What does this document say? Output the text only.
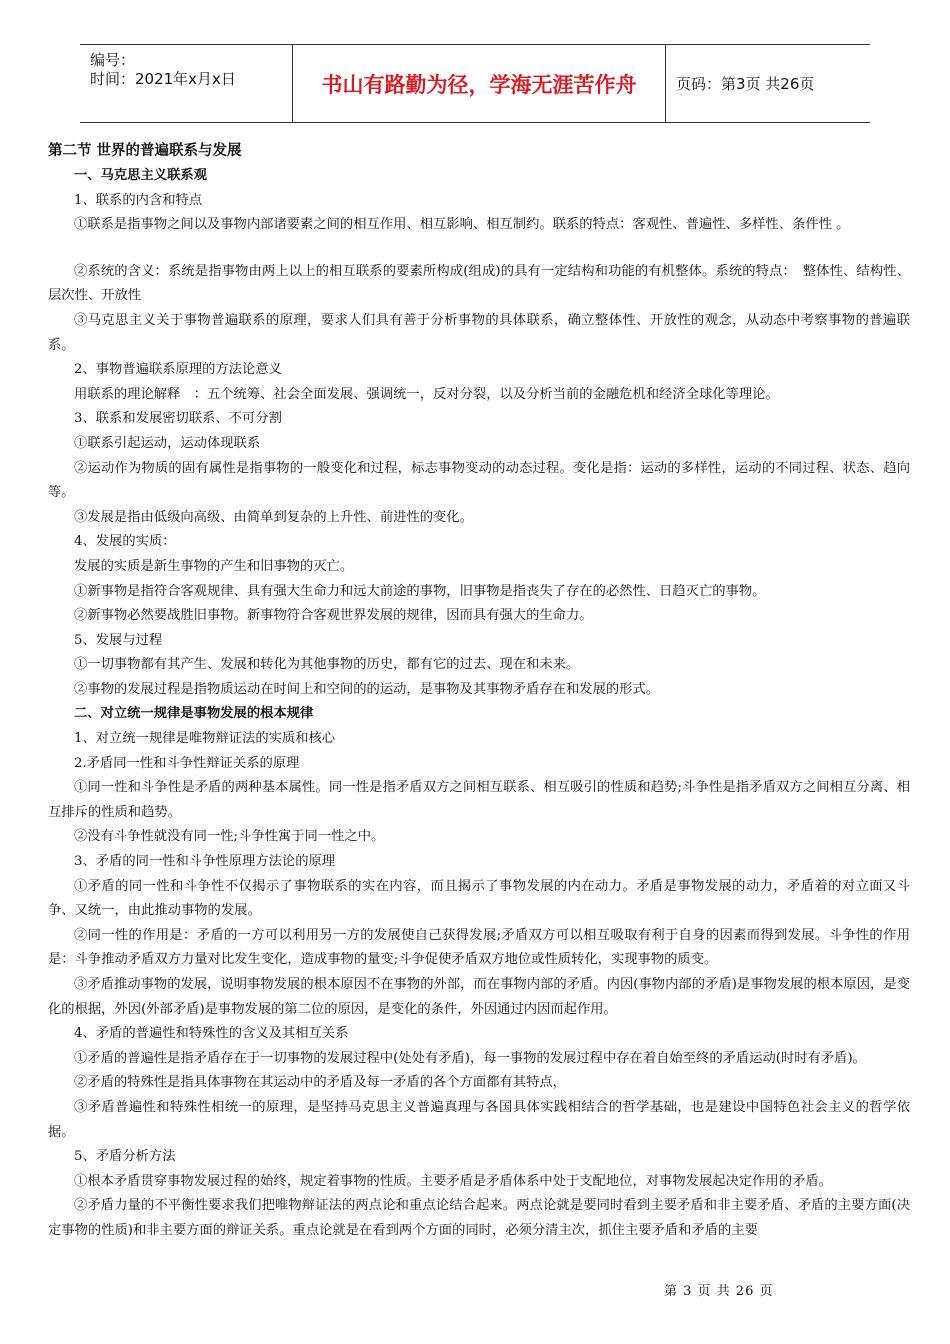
编号：
时间：2021年x月x日	书山有路勤为径，学海无涯苦作舟	页码：第3页 共26页

第二节 世界的普遍联系与发展

一、马克思主义联系观

1、联系的内含和特点

①联系是指事物之间以及事物内部诸要素之间的相互作用、相互影响、相互制约。联系的特点：客观性、普遍性、多样性、条件性 。

②系统的含义：系统是指事物由两上以上的相互联系的要素所构成(组成)的具有一定结构和功能的有机整体。系统的特点：　整体性、结构性、层次性、开放性

③马克思主义关于事物普遍联系的原理，要求人们具有善于分析事物的具体联系，确立整体性、开放性的观念，从动态中考察事物的普遍联系。

2、事物普遍联系原理的方法论意义

用联系的理论解释　：五个统筹、社会全面发展、强调统一，反对分裂，以及分析当前的金融危机和经济全球化等理论。

3、联系和发展密切联系、不可分割

①联系引起运动，运动体现联系

②运动作为物质的固有属性是指事物的一般变化和过程，标志事物变动的动态过程。变化是指：运动的多样性，运动的不同过程、状态、趋向等。

③发展是指由低级向高级、由简单到复杂的上升性、前进性的变化。

4、发展的实质：

发展的实质是新生事物的产生和旧事物的灭亡。

①新事物是指符合客观规律、具有强大生命力和远大前途的事物，旧事物是指丧失了存在的必然性、日趋灭亡的事物。

②新事物必然要战胜旧事物。新事物符合客观世界发展的规律，因而具有强大的生命力。

5、发展与过程

①一切事物都有其产生、发展和转化为其他事物的历史，都有它的过去、现在和未来。

②事物的发展过程是指物质运动在时间上和空间的的运动，是事物及其事物矛盾存在和发展的形式。

二、对立统一规律是事物发展的根本规律

1、对立统一规律是唯物辩证法的实质和核心

2.矛盾同一性和斗争性辩证关系的原理

①同一性和斗争性是矛盾的两种基本属性。同一性是指矛盾双方之间相互联系、相互吸引的性质和趋势;斗争性是指矛盾双方之间相互分离、相互排斥的性质和趋势。

②没有斗争性就没有同一性;斗争性寓于同一性之中。

3、矛盾的同一性和斗争性原理方法论的原理

①矛盾的同一性和斗争性不仅揭示了事物联系的实在内容，而且揭示了事物发展的内在动力。矛盾是事物发展的动力，矛盾着的对立面又斗争、又统一，由此推动事物的发展。

②同一性的作用是：矛盾的一方可以利用另一方的发展使自己获得发展;矛盾双方可以相互吸取有利于自身的因素而得到发展。斗争性的作用是：斗争推动矛盾双方力量对比发生变化，造成事物的量变;斗争促使矛盾双方地位或性质转化，实现事物的质变。

③矛盾推动事物的发展，说明事物发展的根本原因不在事物的外部，而在事物内部的矛盾。内因(事物内部的矛盾)是事物发展的根本原因，是变化的根据，外因(外部矛盾)是事物发展的第二位的原因，是变化的条件，外因通过内因而起作用。

4、矛盾的普遍性和特殊性的含义及其相互关系

①矛盾的普遍性是指矛盾存在于一切事物的发展过程中(处处有矛盾)，每一事物的发展过程中存在着自始至终的矛盾运动(时时有矛盾)。

②矛盾的特殊性是指具体事物在其运动中的矛盾及每一矛盾的各个方面都有其特点，

③矛盾普遍性和特殊性相统一的原理，是坚持马克思主义普遍真理与各国具体实践相结合的哲学基础，也是建设中国特色社会主义的哲学依据。

5、矛盾分析方法

①根本矛盾贯穿事物发展过程的始终，规定着事物的性质。主要矛盾是矛盾体系中处于支配地位，对事物发展起决定作用的矛盾。

②矛盾力量的不平衡性要求我们把唯物辩证法的两点论和重点论结合起来。两点论就是要同时看到主要矛盾和非主要矛盾、矛盾的主要方面(决定事物的性质)和非主要方面的辩证关系。重点论就是在看到两个方面的同时，必须分清主次，抓住主要矛盾和矛盾的主要

第 3 页 共 26 页
